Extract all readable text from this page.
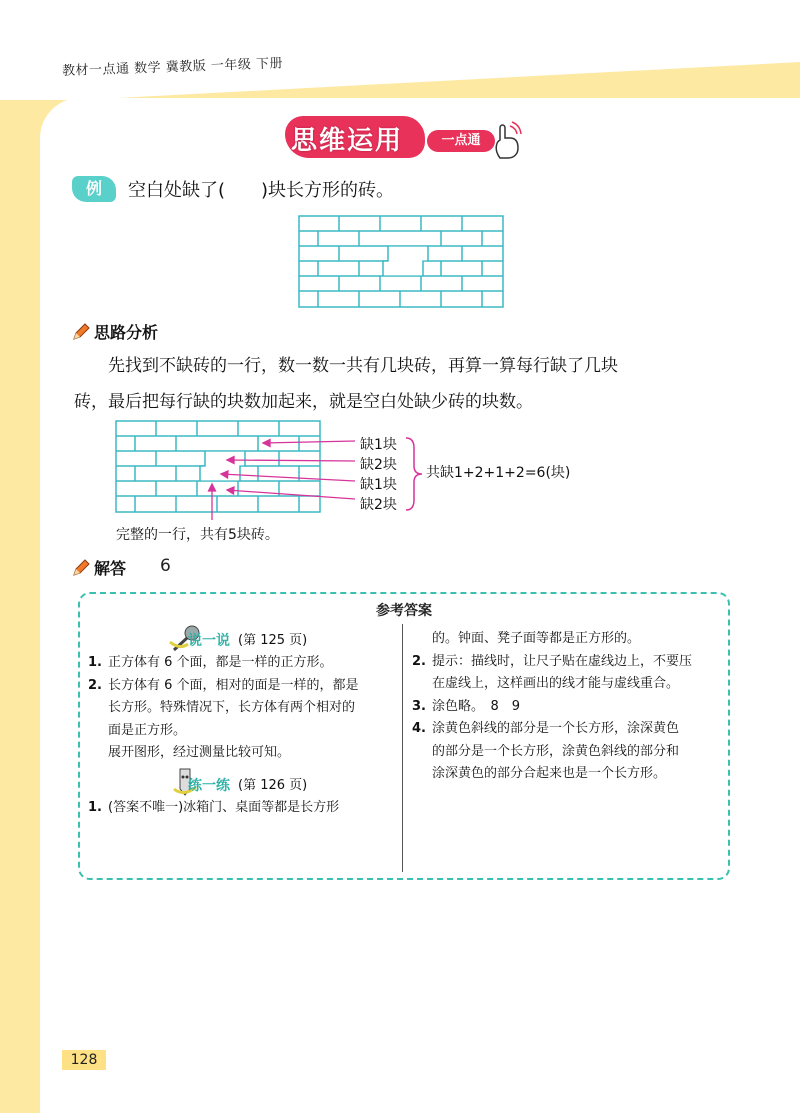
教材一点通 数学 冀教版 一年级 下册
思维运用	一点通
例	空白处缺了(　　)块长方形的砖。
思路分析
先找到不缺砖的一行，数一数一共有几块砖，再算一算每行缺了几块
砖，最后把每行缺的块数加起来，就是空白处缺少砖的块数。
缺1块
缺2块
缺1块
缺2块
共缺1+2+1+2=6(块)
完整的一行，共有5块砖。
解答 6
参考答案
说一说 (第 125 页)
1. 正方体有 6 个面，都是一样的正方形。
2. 长方体有 6 个面，相对的面是一样的，都是
长方形。特殊情况下，长方体有两个相对的
面是正方形。
展开图形，经过测量比较可知。
练一练 (第 126 页)
1. (答案不唯一)冰箱门、桌面等都是长方形
的。钟面、凳子面等都是正方形的。
2. 提示：描线时，让尺子贴在虚线边上，不要压
在虚线上，这样画出的线才能与虚线重合。
3. 涂色略。　8　9
4. 涂黄色斜线的部分是一个长方形，涂深黄色
的部分是一个长方形，涂黄色斜线的部分和
涂深黄色的部分合起来也是一个长方形。
128
